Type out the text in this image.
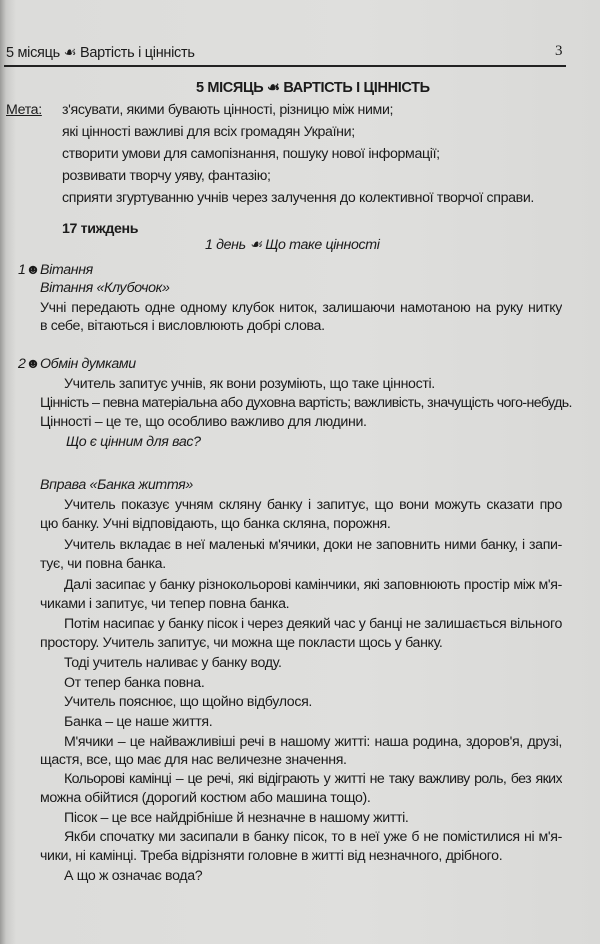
5 місяць ☙ Вартість і цінність	3
5 МІСЯЦЬ ☙ ВАРТІСТЬ І ЦІННІСТЬ
Мета: з'ясувати, якими бувають цінності, різницю між ними;
які цінності важливі для всіх громадян України;
створити умови для самопізнання, пошуку нової інформації;
розвивати творчу уяву, фантазію;
сприяти згуртуванню учнів через залучення до колективної творчої справи.
17 тиждень
1 день ☙ Що таке цінності
1☻ Вітання
Вітання «Клубочок»
Учні передають одне одному клубок ниток, залишаючи намотаною на руку нитку
в себе, вітаються і висловлюють добрі слова.
2☻ Обмін думками
Учитель запитує учнів, як вони розуміють, що таке цінності.
Цінність – певна матеріальна або духовна вартість; важливість, значущість чого-небудь.
Цінності – це те, що особливо важливо для людини.
Що є цінним для вас?
Вправа «Банка життя»
Учитель показує учням скляну банку і запитує, що вони можуть сказати про
цю банку. Учні відповідають, що банка скляна, порожня.
Учитель вкладає в неї маленькі м'ячики, доки не заповнить ними банку, і запи-
тує, чи повна банка.
Далі засипає у банку різнокольорові камінчики, які заповнюють простір між м'я-
чиками і запитує, чи тепер повна банка.
Потім насипає у банку пісок і через деякий час у банці не залишається вільного
простору. Учитель запитує, чи можна ще покласти щось у банку.
Тоді учитель наливає у банку воду.
От тепер банка повна.
Учитель пояснює, що щойно відбулося.
Банка – це наше життя.
М'ячики – це найважливіші речі в нашому житті: наша родина, здоров'я, друзі,
щастя, все, що має для нас величезне значення.
Кольорові камінці – це речі, які відіграють у житті не таку важливу роль, без яких
можна обійтися (дорогий костюм або машина тощо).
Пісок – це все найдрібніше й незначне в нашому житті.
Якби спочатку ми засипали в банку пісок, то в неї уже б не помістилися ні м'я-
чики, ні камінці. Треба відрізняти головне в житті від незначного, дрібного.
А що ж означає вода?
